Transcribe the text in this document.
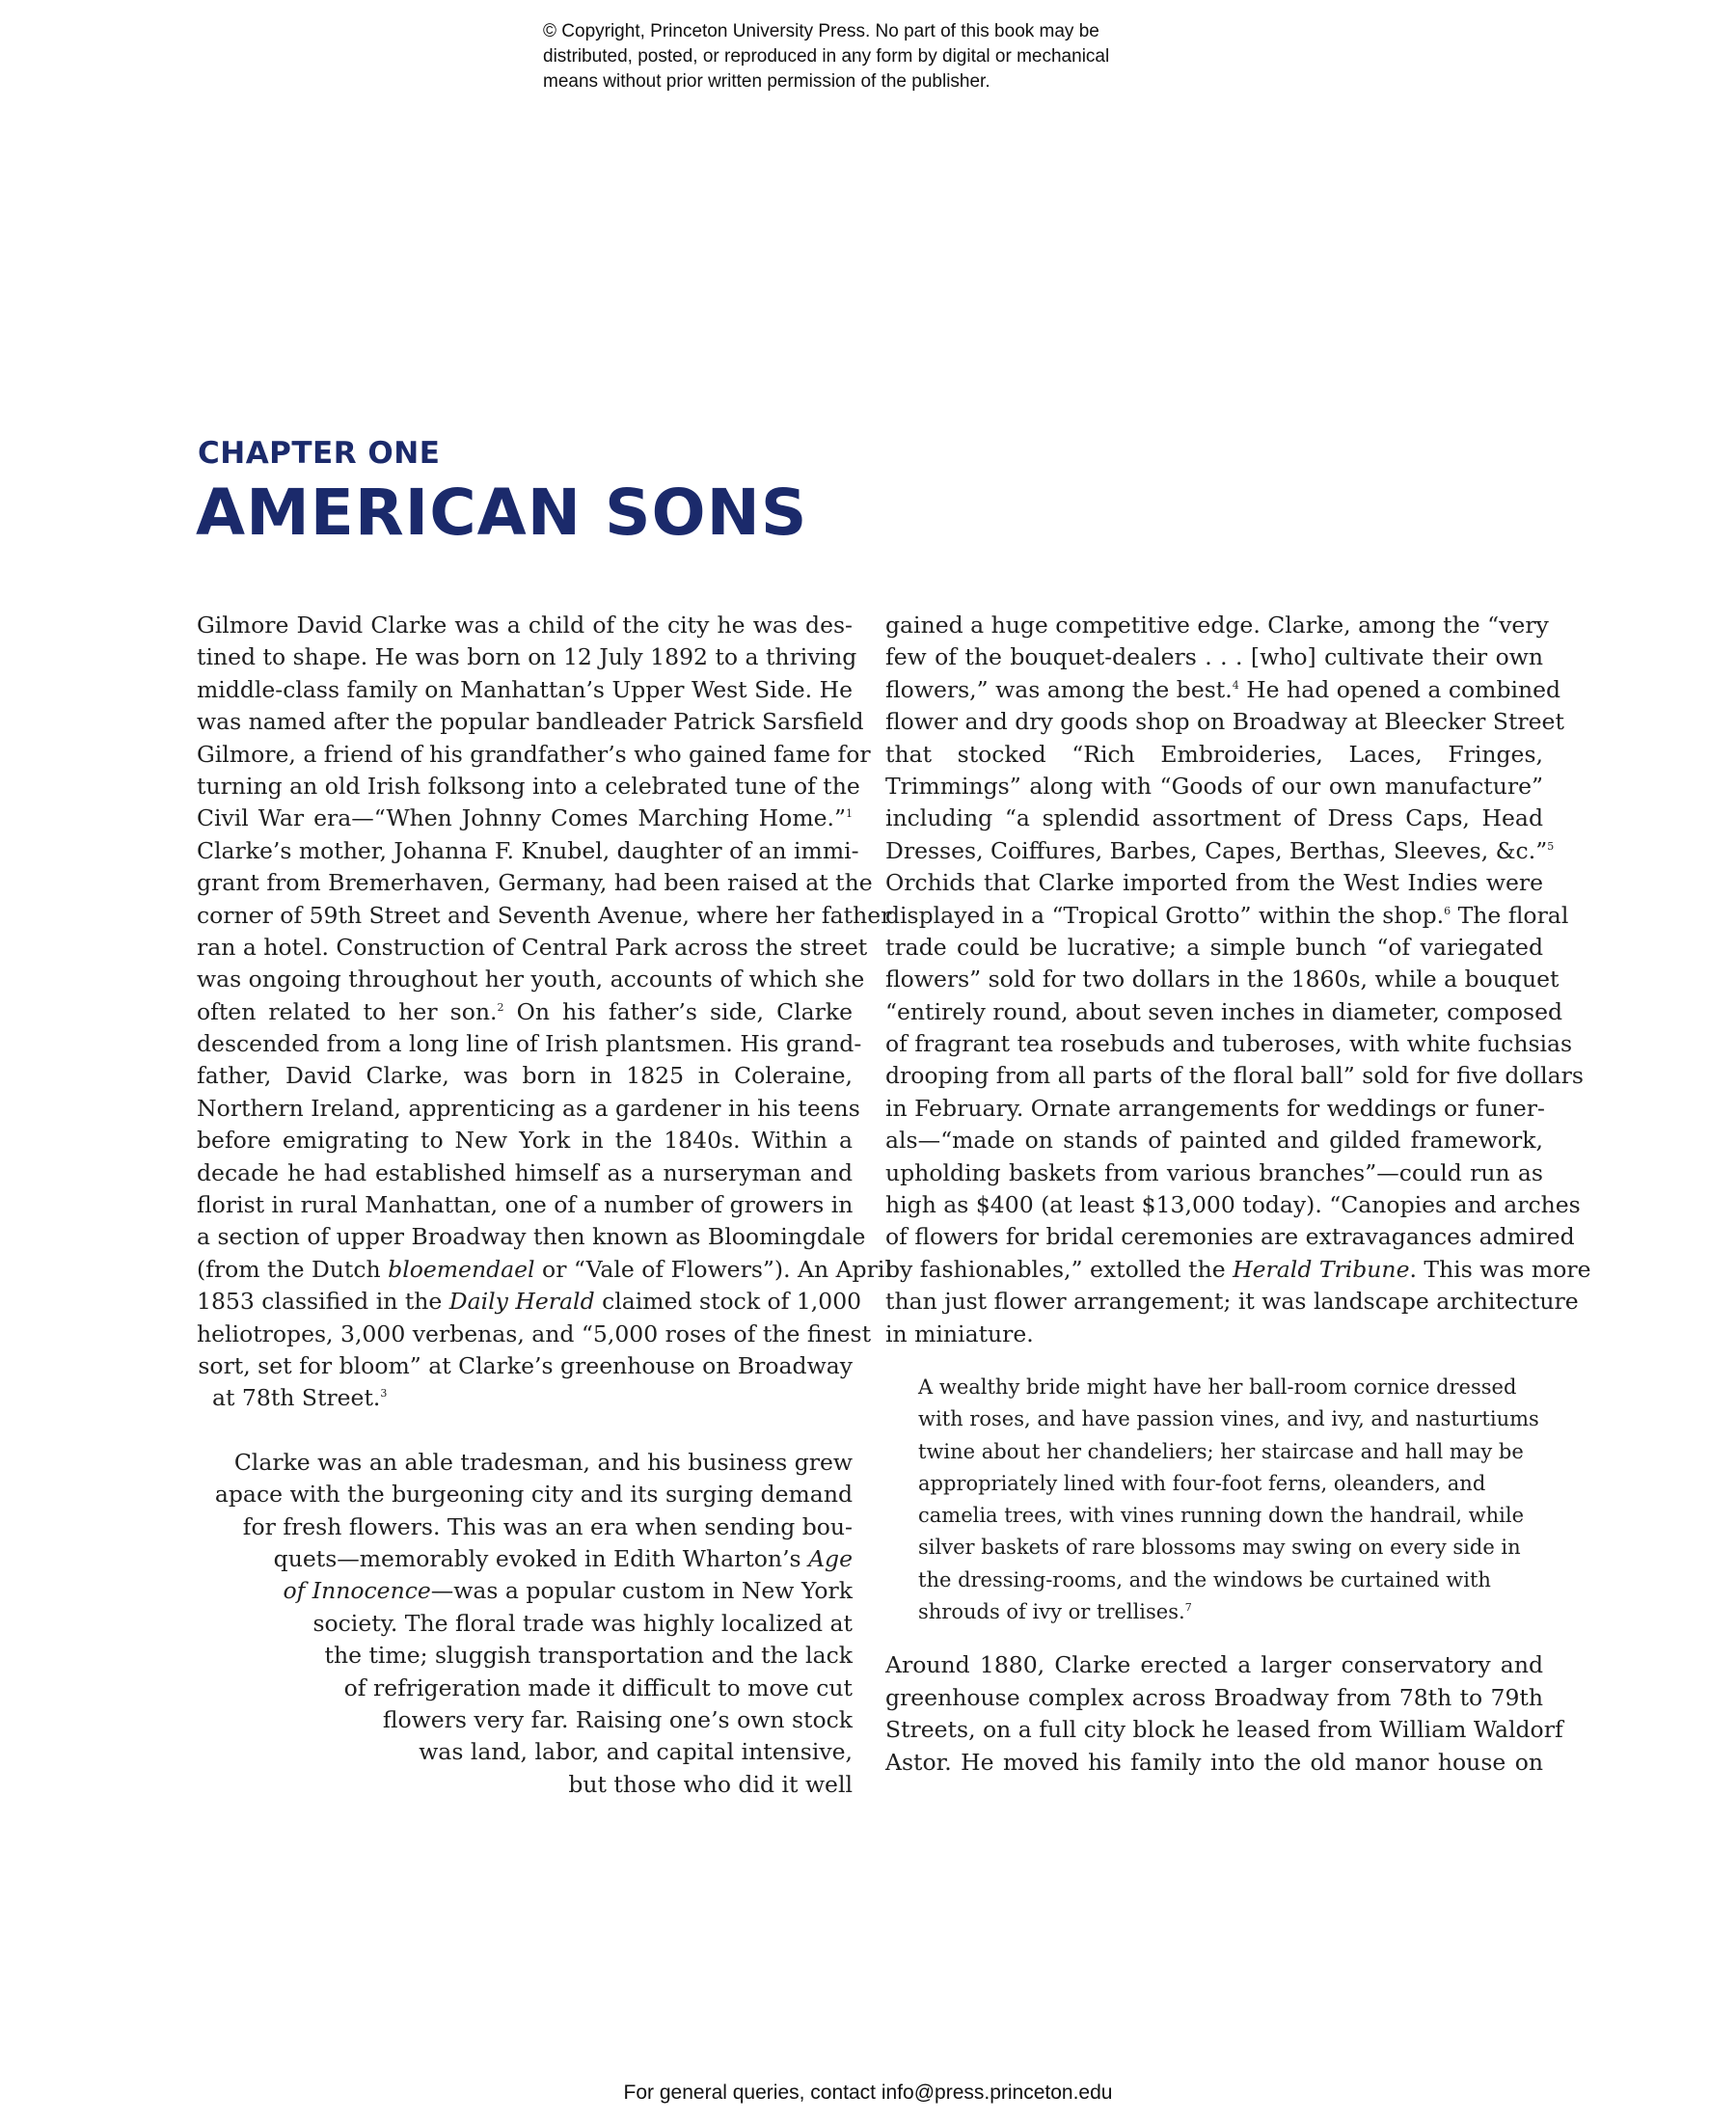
© Copyright, Princeton University Press. No part of this book may be
distributed, posted, or reproduced in any form by digital or mechanical
means without prior written permission of the publisher.
CHAPTER ONE
AMERICAN SONS
Gilmore David Clarke was a child of the city he was des-
tined to shape. He was born on 12 July 1892 to a thriving
middle-class family on Manhattan’s Upper West Side. He
was named after the popular bandleader Patrick Sarsfield
Gilmore, a friend of his grandfather’s who gained fame for
turning an old Irish folksong into a celebrated tune of the
Civil War era—“When Johnny Comes Marching Home.”$^1$
Clarke’s mother, Johanna F. Knubel, daughter of an immi-
grant from Bremerhaven, Germany, had been raised at the
corner of 59th Street and Seventh Avenue, where her father
ran a hotel. Construction of Central Park across the street
was ongoing throughout her youth, accounts of which she
often related to her son.$^2$ On his father’s side, Clarke
descended from a long line of Irish plantsmen. His grand-
father, David Clarke, was born in 1825 in Coleraine,
Northern Ireland, apprenticing as a gardener in his teens
before emigrating to New York in the 1840s. Within a
decade he had established himself as a nurseryman and
florist in rural Manhattan, one of a number of growers in
a section of upper Broadway then known as Bloomingdale
(from the Dutch bloemendael or “Vale of Flowers”). An April
1853 classified in the Daily Herald claimed stock of 1,000
heliotropes, 3,000 verbenas, and “5,000 roses of the finest
sort, set for bloom” at Clarke’s greenhouse on Broadway
at 78th Street.$^3$
Clarke was an able tradesman, and his business grew
apace with the burgeoning city and its surging demand
for fresh flowers. This was an era when sending bou-
quets—memorably evoked in Edith Wharton’s Age
of Innocence—was a popular custom in New York
society. The floral trade was highly localized at
the time; sluggish transportation and the lack
of refrigeration made it difficult to move cut
flowers very far. Raising one’s own stock
was land, labor, and capital intensive,
but those who did it well
gained a huge competitive edge. Clarke, among the “very
few of the bouquet-dealers . . . [who] cultivate their own
flowers,” was among the best.$^4$ He had opened a combined
flower and dry goods shop on Broadway at Bleecker Street
that stocked “Rich Embroideries, Laces, Fringes,
Trimmings” along with “Goods of our own manufacture”
including “a splendid assortment of Dress Caps, Head
Dresses, Coiffures, Barbes, Capes, Berthas, Sleeves, &c.”$^5$
Orchids that Clarke imported from the West Indies were
displayed in a “Tropical Grotto” within the shop.$^6$ The floral
trade could be lucrative; a simple bunch “of variegated
flowers” sold for two dollars in the 1860s, while a bouquet
“entirely round, about seven inches in diameter, composed
of fragrant tea rosebuds and tuberoses, with white fuchsias
drooping from all parts of the floral ball” sold for five dollars
in February. Ornate arrangements for weddings or funer-
als—“made on stands of painted and gilded framework,
upholding baskets from various branches”—could run as
high as $400 (at least $13,000 today). “Canopies and arches
of flowers for bridal ceremonies are extravagances admired
by fashionables,” extolled the Herald Tribune. This was more
than just flower arrangement; it was landscape architecture
in miniature.
A wealthy bride might have her ball-room cornice dressed
with roses, and have passion vines, and ivy, and nasturtiums
twine about her chandeliers; her staircase and hall may be
appropriately lined with four-foot ferns, oleanders, and
camelia trees, with vines running down the handrail, while
silver baskets of rare blossoms may swing on every side in
the dressing-rooms, and the windows be curtained with
shrouds of ivy or trellises.$^7$
Around 1880, Clarke erected a larger conservatory and
greenhouse complex across Broadway from 78th to 79th
Streets, on a full city block he leased from William Waldorf
Astor. He moved his family into the old manor house on
For general queries, contact info@press.princeton.edu
